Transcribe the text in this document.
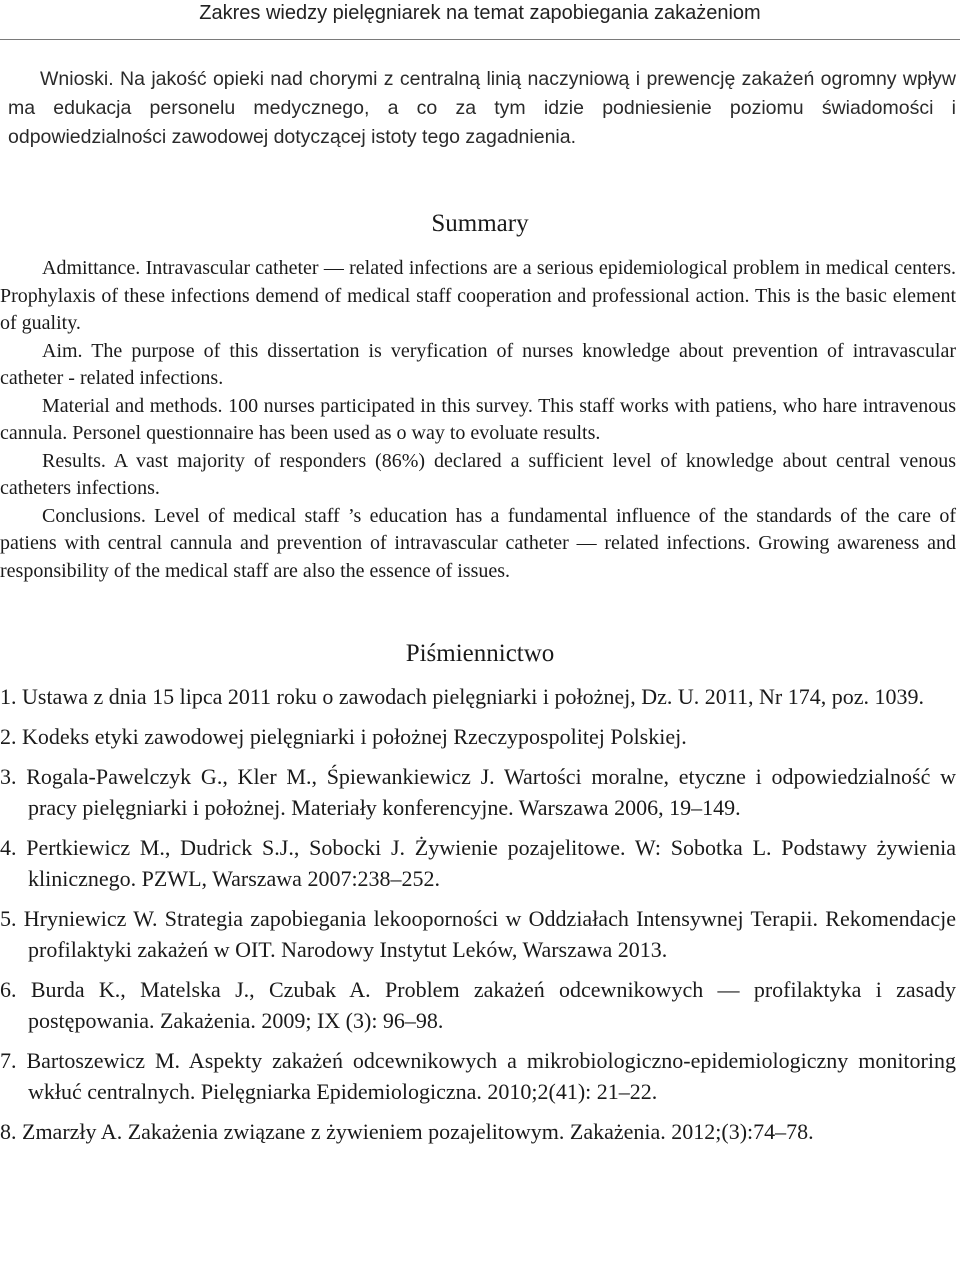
Zakres wiedzy pielęgniarek na temat zapobiegania zakażeniom

Wnioski. Na jakość opieki nad chorymi z centralną linią naczyniową i prewencję zakażeń ogromny wpływ ma edukacja personelu medycznego, a co za tym idzie podniesienie poziomu świadomości i odpowiedzialności zawodowej dotyczącej istoty tego zagadnienia.

Summary

Admittance. Intravascular catheter — related infections are a serious epidemiological problem in medical centers. Prophylaxis of these infections demend of medical staff cooperation and professional action. This is the basic element of guality.

Aim. The purpose of this dissertation is veryfication of nurses knowledge about prevention of intravascular catheter - related infections.

Material and methods. 100 nurses participated in this survey. This staff works with patiens, who hare intravenous cannula. Personel questionnaire has been used as o way to evoluate results.

Results. A vast majority of responders (86%) declared a sufficient level of knowledge about central venous catheters infections.

Conclusions. Level of medical staff ’s education has a fundamental influence of the standards of the care of patiens with central cannula and prevention of intravascular catheter — related infections. Growing awareness and responsibility of the medical staff are also the essence of issues.

Piśmiennictwo
1. Ustawa z dnia 15 lipca 2011 roku o zawodach pielęgniarki i położnej, Dz. U. 2011, Nr 174, poz. 1039.
2. Kodeks etyki zawodowej pielęgniarki i położnej Rzeczypospolitej Polskiej.
3. Rogala-Pawelczyk G., Kler M., Śpiewankiewicz J. Wartości moralne, etyczne i odpowiedzialność w pracy pielęgniarki i położnej. Materiały konferencyjne. Warszawa 2006, 19–149.
4. Pertkiewicz M., Dudrick S.J., Sobocki J. Żywienie pozajelitowe. W: Sobotka L. Podstawy żywienia klinicznego. PZWL, Warszawa 2007:238–252.
5. Hryniewicz W. Strategia zapobiegania lekooporności w Oddziałach Intensywnej Terapii. Rekomendacje profilaktyki zakażeń w OIT. Narodowy Instytut Leków, Warszawa 2013.
6. Burda K., Matelska J., Czubak A. Problem zakażeń odcewnikowych — profilaktyka i zasady postępowania. Zakażenia. 2009; IX (3): 96–98.
7. Bartoszewicz M. Aspekty zakażeń odcewnikowych a mikrobiologiczno-epidemiologiczny monitoring wkłuć centralnych. Pielęgniarka Epidemiologiczna. 2010;2(41): 21–22.
8. Zmarzły A. Zakażenia związane z żywieniem pozajelitowym. Zakażenia. 2012;(3):74–78.
